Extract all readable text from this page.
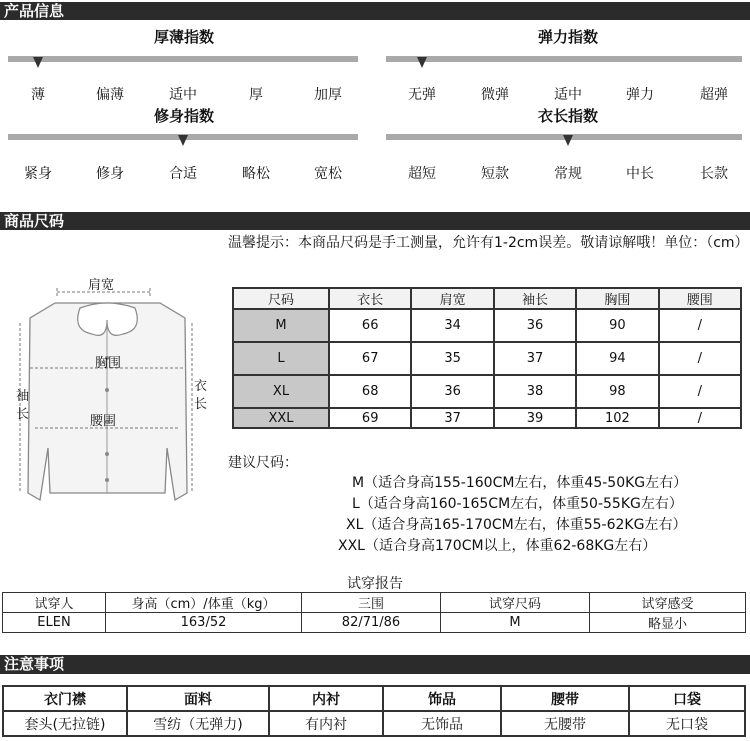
产品信息
厚薄指数
薄	偏薄	适中	厚	加厚
弹力指数
无弹	微弹	适中	弹力	超弹
修身指数
紧身	修身	合适	略松	宽松
衣长指数
超短	短款	常规	中长	长款
商品尺码
温馨提示：本商品尺码是手工测量，允许有1-2cm误差。敬请谅解哦！单位：（cm）
肩宽
胸围
腰围
袖长
衣长
尺码	衣长	肩宽	袖长	胸围	腰围
M	66	34	36	90	/
L	67	35	37	94	/
XL	68	36	38	98	/
XXL	69	37	39	102	/
建议尺码：
M（适合身高155-160CM左右，体重45-50KG左右）
L（适合身高160-165CM左右，体重50-55KG左右）
XL（适合身高165-170CM左右，体重55-62KG左右）
XXL（适合身高170CM以上，体重62-68KG左右）
试穿报告
试穿人	身高（cm）/体重（kg）	三围	试穿尺码	试穿感受
ELEN	163/52	82/71/86	M	略显小
注意事项
衣门襟	面料	内衬	饰品	腰带	口袋
套头(无拉链)	雪纺（无弹力)	有内衬	无饰品	无腰带	无口袋
